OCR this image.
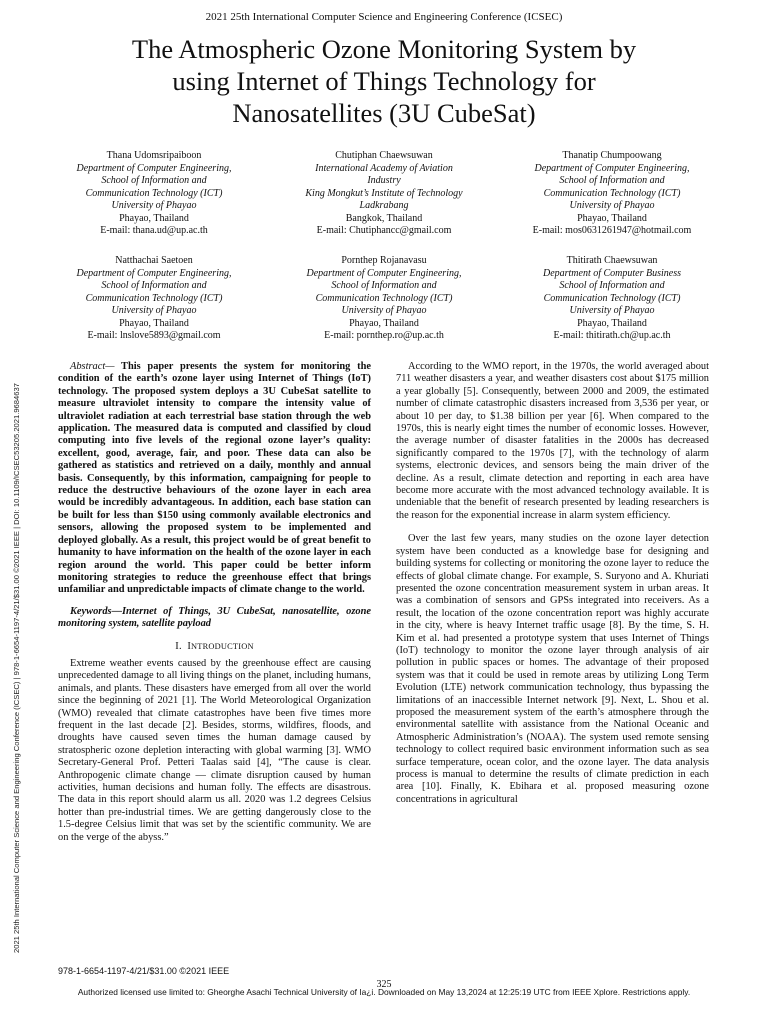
2021 25th International Computer Science and Engineering Conference (ICSEC)
The Atmospheric Ozone Monitoring System by
using Internet of Things Technology for
Nanosatellites (3U CubeSat)
Thana Udomsripaiboon
Department of Computer Engineering,
School of Information and
Communication Technology (ICT)
University of Phayao
Phayao, Thailand
E-mail: thana.ud@up.ac.th
Chutiphan Chaewsuwan
International Academy of Aviation
Industry
King Mongkut’s Institute of Technology
Ladkrabang
Bangkok, Thailand
E-mail: Chutiphancc@gmail.com
Thanatip Chumpoowang
Department of Computer Engineering,
School of Information and
Communication Technology (ICT)
University of Phayao
Phayao, Thailand
E-mail: mos0631261947@hotmail.com
Natthachai Saetoen
Department of Computer Engineering,
School of Information and
Communication Technology (ICT)
University of Phayao
Phayao, Thailand
E-mail: lnslove5893@gmail.com
Pornthep Rojanavasu
Department of Computer Engineering,
School of Information and
Communication Technology (ICT)
University of Phayao
Phayao, Thailand
E-mail: pornthep.ro@up.ac.th
Thitirath Chaewsuwan
Department of Computer Business
School of Information and
Communication Technology (ICT)
University of Phayao
Phayao, Thailand
E-mail: thitirath.ch@up.ac.th

Abstract— This paper presents the system for monitoring the condition of the earth’s ozone layer using Internet of Things (IoT) technology. The proposed system deploys a 3U CubeSat satellite to measure ultraviolet intensity to compare the intensity value of ultraviolet radiation at each terrestrial base station through the web application. The measured data is computed and classified by cloud computing into five levels of the regional ozone layer’s quality: excellent, good, average, fair, and poor. These data can also be gathered as statistics and retrieved on a daily, monthly and annual basis. Consequently, by this information, campaigning for people to reduce the destructive behaviours of the ozone layer in each area would be incredibly advantageous. In addition, each base station can be built for less than $150 using commonly available electronics and sensors, allowing the proposed system to be implemented and deployed globally. As a result, this project would be of great benefit to humanity to have information on the health of the ozone layer in each region around the world. This paper could be better inform monitoring strategies to reduce the greenhouse effect that brings unfamiliar and unpredictable impacts of climate change to the world.

Keywords—Internet of Things, 3U CubeSat, nanosatellite, ozone monitoring system, satellite payload

I. INTRODUCTION

Extreme weather events caused by the greenhouse effect are causing unprecedented damage to all living things on the planet, including humans, animals, and plants. These disasters have emerged from all over the world since the beginning of 2021 [1]. The World Meteorological Organization (WMO) revealed that climate catastrophes have been five times more frequent in the last decade [2]. Besides, storms, wildfires, floods, and droughts have caused seven times the human damage caused by stratospheric ozone depletion interacting with global warming [3]. WMO Secretary-General Prof. Petteri Taalas said [4], “The cause is clear. Anthropogenic climate change — climate disruption caused by human activities, human decisions and human folly. The effects are disastrous. The data in this report should alarm us all. 2020 was 1.2 degrees Celsius hotter than pre-industrial times. We are getting dangerously close to the 1.5-degree Celsius limit that was set by the scientific community. We are on the verge of the abyss.”

According to the WMO report, in the 1970s, the world averaged about 711 weather disasters a year, and weather disasters cost about $175 million a year globally [5]. Consequently, between 2000 and 2009, the estimated number of climate catastrophic disasters increased from 3,536 per year, or about 10 per day, to $1.38 billion per year [6]. When compared to the 1970s, this is nearly eight times the number of economic losses. However, the average number of disaster fatalities in the 2000s has decreased significantly compared to the 1970s [7], with the technology of alarm systems, electronic devices, and sensors being the main driver of the decline. As a result, climate detection and reporting in each area have become more accurate with the most advanced technology available. It is undeniable that the benefit of research presented by leading researchers is the reason for the exponential increase in alarm system efficiency.

Over the last few years, many studies on the ozone layer detection system have been conducted as a knowledge base for designing and building systems for collecting or monitoring the ozone layer to reduce the effects of global climate change. For example, S. Suryono and A. Khuriati presented the ozone concentration measurement system in urban areas. It was a combination of sensors and GPSs integrated into receivers. As a result, the location of the ozone concentration report was highly accurate in the city, where is heavy Internet traffic usage [8]. By the time, S. H. Kim et al. had presented a prototype system that uses Internet of Things (IoT) technology to monitor the ozone layer through analysis of air pollution in public spaces or homes. The advantage of their proposed system was that it could be used in remote areas by utilizing Long Term Evolution (LTE) network communication technology, thus bypassing the limitations of an inaccessible Internet network [9]. Next, L. Shou et al. proposed the measurement system of the earth’s atmosphere through the environmental satellite with assistance from the National Oceanic and Atmospheric Administration’s (NOAA). The system used remote sensing technology to collect required basic environment information such as sea surface temperature, ocean color, and the ozone layer. The data analysis process is manual to determine the results of climate prediction in each area [10]. Finally, K. Ebihara et al. proposed measuring ozone concentrations in agricultural

2021 25th International Computer Science and Engineering Conference (ICSEC) | 978-1-6654-1197-4/21/$31.00 ©2021 IEEE | DOI: 10.1109/ICSEC53205.2021.9684637
978-1-6654-1197-4/21/$31.00 ©2021 IEEE
325
Authorized licensed use limited to: Gheorghe Asachi Technical University of Ia¿i. Downloaded on May 13,2024 at 12:25:19 UTC from IEEE Xplore. Restrictions apply.
